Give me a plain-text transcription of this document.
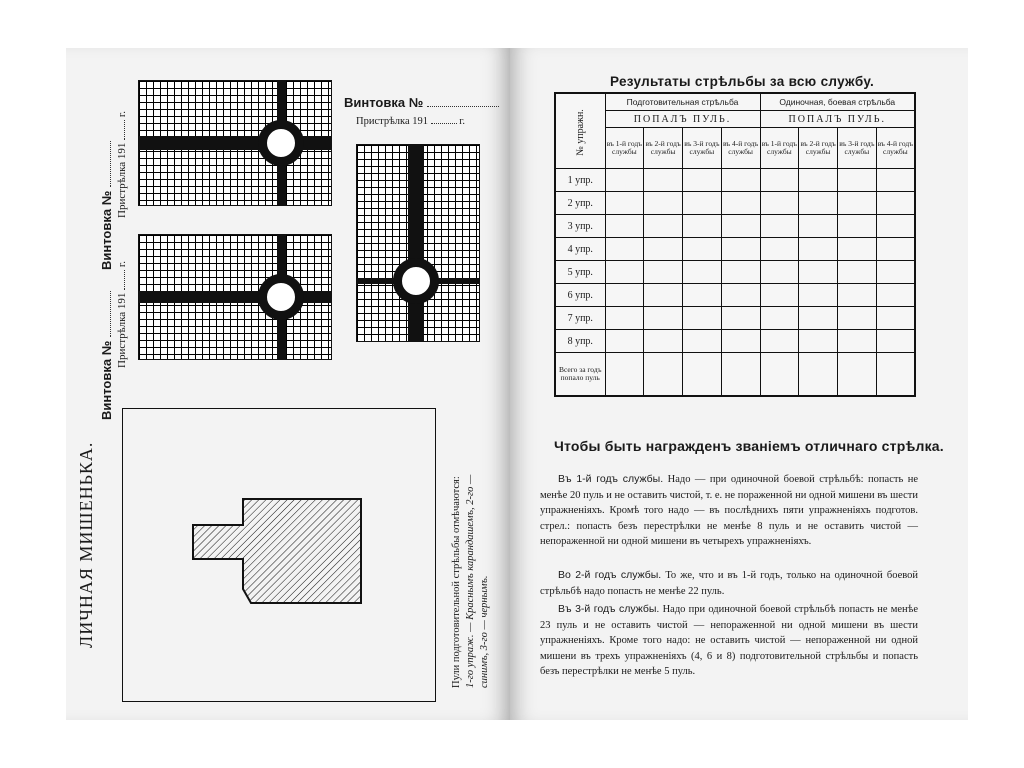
Винтовка №
Пристрѣлка 191  г.
Винтовка №
Пристрѣлка 191  г.
Винтовка №
Пристрѣлка 191	г.
ЛИЧНАЯ МИШЕНЬКА.	Пули подготовительной стрѣльбы отмѣчаются: 1-го упраж. — Краснымъ карандашемъ, 2-го — синимъ, 3-го — чернымъ.
Результаты стрѣльбы за всю службу.
№ упражн.	Подготовительная стрѣльба				Одиночная, боевая стрѣльба			
	ПОПАЛЪ ПУЛЬ.				ПОПАЛЪ ПУЛЬ.			
	въ 1-й годъ службы	въ 2-й годъ службы	въ 3-й годъ службы	въ 4-й годъ службы	въ 1-й годъ службы	въ 2-й годъ службы	въ 3-й годъ службы	въ 4-й годъ службы
1 упр.								
2 упр.								
3 упр.								
4 упр.								
5 упр.								
6 упр.								
7 упр.								
8 упр.								
Всего за годъ попало пуль								
Чтобы быть награжденъ званіемъ отличнаго стрѣлка.
Въ 1-й годъ службы. Надо — при одиночной боевой стрѣльбѣ: попасть не менѣе 20 пуль и не оставить чистой, т. е. не пораженной ни одной мишени въ шести упражненіяхъ. Кромѣ того надо — въ послѣднихъ пяти упражненіяхъ подготов. стрел.: попасть безъ перестрѣлки не менѣе 8 пуль и не оставить чистой — непораженной ни одной мишени въ четырехъ упражненіяхъ.
Во 2-й годъ службы. То же, что и въ 1-й годъ, только на одиночной боевой стрѣльбѣ надо попасть не менѣе 22 пуль.
Въ 3-й годъ службы. Надо при одиночной боевой стрѣльбѣ попасть не менѣе 23 пуль и не оставить чистой — непораженной ни одной мишени въ шести упражненіяхъ. Кроме того надо: не оставить чистой — непораженной ни одной мишени въ трехъ упражненіяхъ (4, 6 и 8) подготовительной стрѣльбы и попасть безъ перестрѣлки не менѣе 5 пуль.
